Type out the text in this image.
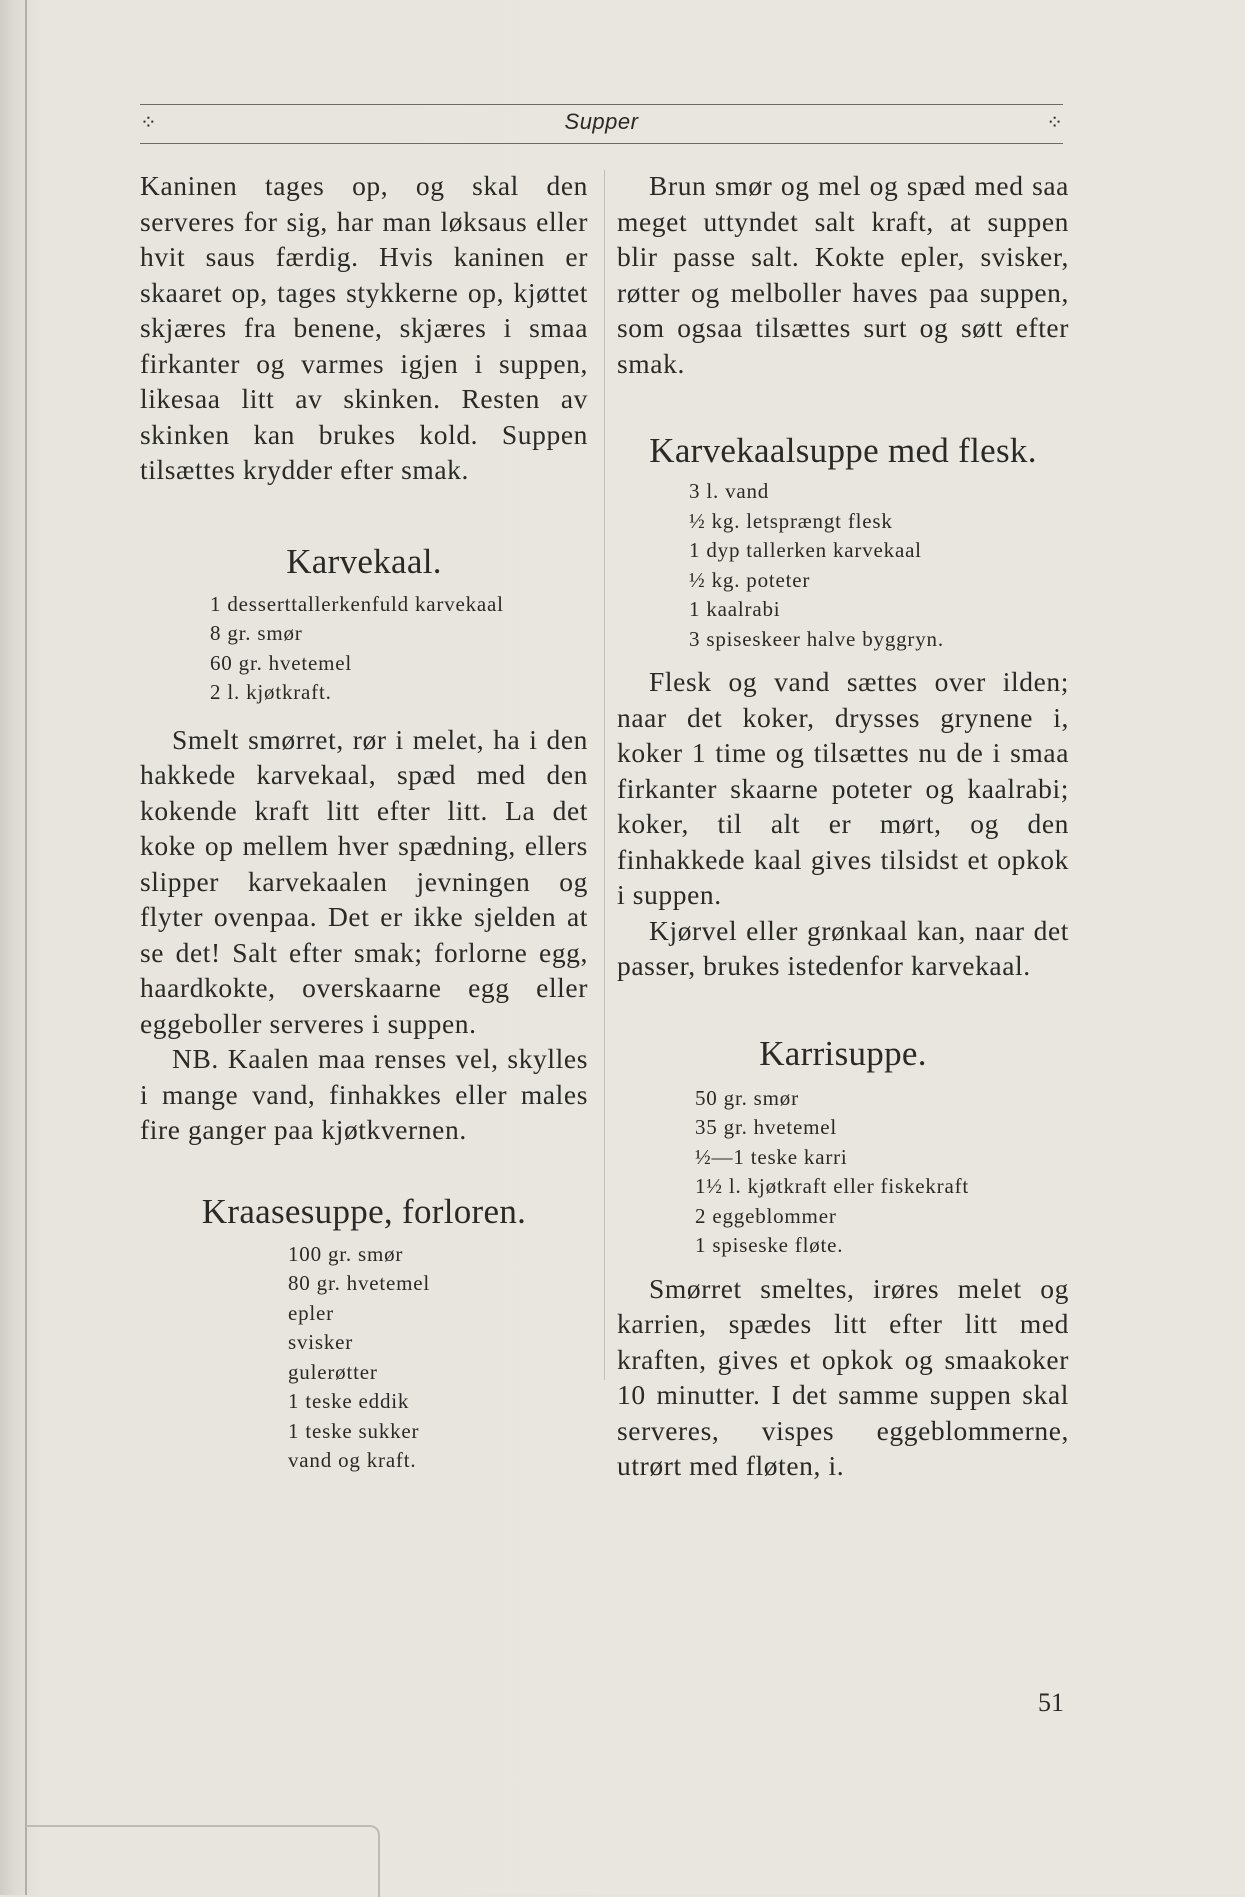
⁘	Supper	⁘

Kaninen tages op, og skal den serveres for sig, har man løksaus eller hvit saus færdig. Hvis kaninen er skaaret op, tages stykkerne op, kjøttet skjæres fra benene, skjæres i smaa firkanter og varmes igjen i suppen, likesaa litt av skinken. Resten av skinken kan brukes kold. Suppen tilsættes krydder efter smak.

Karvekaal.
1 desserttallerkenfuld karvekaal
8 gr. smør
60 gr. hvetemel
2 l. kjøtkraft.

Smelt smørret, rør i melet, ha i den hakkede karvekaal, spæd med den kokende kraft litt efter litt. La det koke op mellem hver spædning, ellers slipper karvekaalen jevningen og flyter ovenpaa. Det er ikke sjelden at se det! Salt efter smak; forlorne egg, haardkokte, overskaarne egg eller eggeboller serveres i suppen.

NB. Kaalen maa renses vel, skylles i mange vand, finhakkes eller males fire ganger paa kjøtkvernen.

Kraasesuppe, forloren.
100 gr. smør
80 gr. hvetemel
epler
svisker
gulerøtter
1 teske eddik
1 teske sukker
vand og kraft.

Brun smør og mel og spæd med saa meget uttyndet salt kraft, at suppen blir passe salt. Kokte epler, svisker, røtter og melboller haves paa suppen, som ogsaa tilsættes surt og søtt efter smak.

Karvekaalsuppe med flesk.
3 l. vand
½ kg. letsprængt flesk
1 dyp tallerken karvekaal
½ kg. poteter
1 kaalrabi
3 spiseskeer halve byggryn.

Flesk og vand sættes over ilden; naar det koker, drysses grynene i, koker 1 time og tilsættes nu de i smaa firkanter skaarne poteter og kaalrabi; koker, til alt er mørt, og den finhakkede kaal gives tilsidst et opkok i suppen.

Kjørvel eller grønkaal kan, naar det passer, brukes istedenfor karvekaal.

Karrisuppe.
50 gr. smør
35 gr. hvetemel
½—1 teske karri
1½ l. kjøtkraft eller fiskekraft
2 eggeblommer
1 spiseske fløte.

Smørret smeltes, irøres melet og karrien, spædes litt efter litt med kraften, gives et opkok og smaakoker 10 minutter. I det samme suppen skal serveres, vispes eggeblommerne, utrørt med fløten, i.

51
